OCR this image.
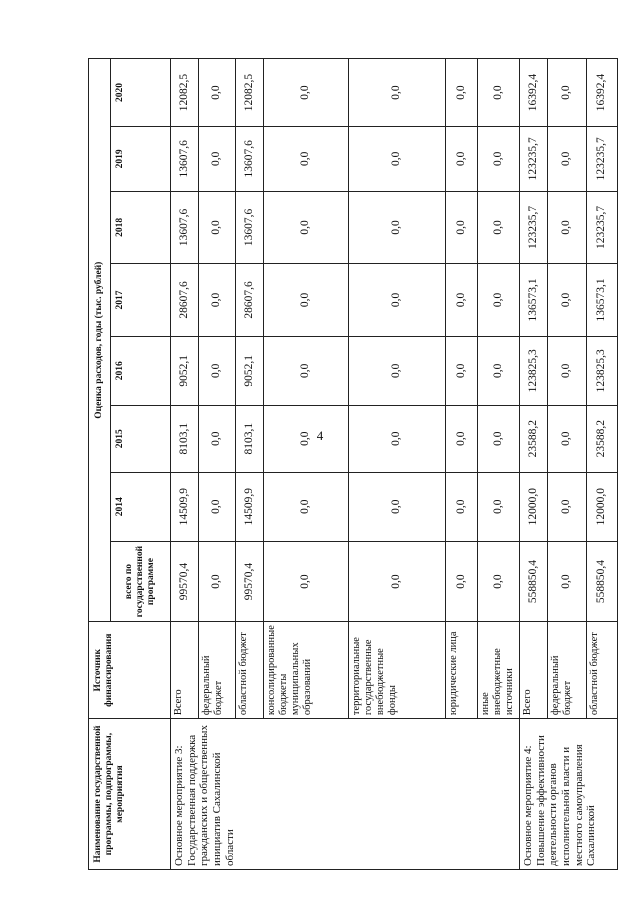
4
Наименование государственной программы, подпрограммы, мероприятия	Источник финансирования	Оценка расходов, годы (тыс. рублей)							
		всего по государственной программе	2014	2015	2016	2017	2018	2019	2020
Основное мероприятие 3: Государственная поддержка гражданских и общественных инициатив Сахалинской области	Всего	99570,4	14509,9	8103,1	9052,1	28607,6	13607,6	13607,6	12082,5
	федеральный бюджет	0,0	0,0	0,0	0,0	0,0	0,0	0,0	0,0
	областной бюджет	99570,4	14509,9	8103,1	9052,1	28607,6	13607,6	13607,6	12082,5
	консолидированные бюджеты муниципальных образований	0,0	0,0	0,0	0,0	0,0	0,0	0,0	0,0
	территориальные государственные внебюджетные фонды	0,0	0,0	0,0	0,0	0,0	0,0	0,0	0,0
	юридические лица	0,0	0,0	0,0	0,0	0,0	0,0	0,0	0,0
	иные внебюджетные источники	0,0	0,0	0,0	0,0	0,0	0,0	0,0	0,0
Основное мероприятие 4: Повышение эффективности деятельности органов исполнительной власти и местного самоуправления Сахалинской	Всего	558850,4	12000,0	23588,2	123825,3	136573,1	123235,7	123235,7	16392,4
	федеральный бюджет	0,0	0,0	0,0	0,0	0,0	0,0	0,0	0,0
	областной бюджет	558850,4	12000,0	23588,2	123825,3	136573,1	123235,7	123235,7	16392,4
